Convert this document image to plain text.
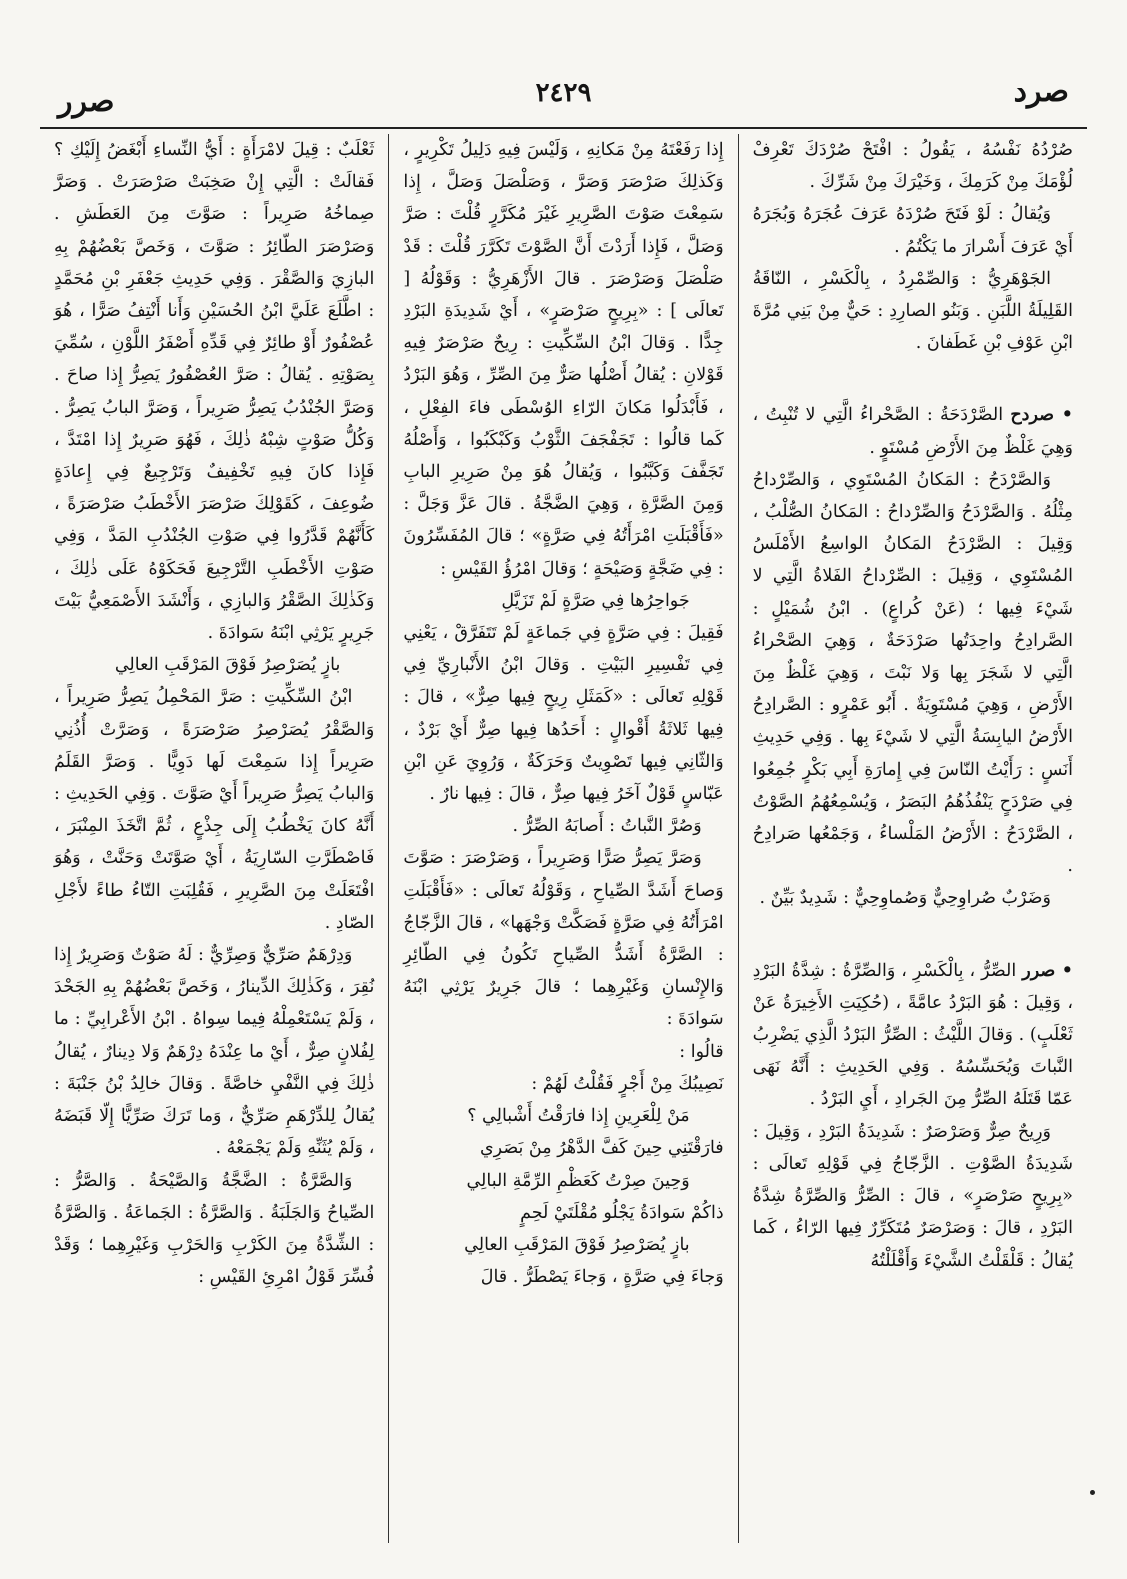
صرد
٢٤٢٩
صرر

صُرْدُهُ نَفْسُهُ ، يَقُولُ : افْتَحْ صُرْدَكَ تَعْرِفْ لُؤْمَكَ مِنْ كَرَمِكَ ، وَخَيْرَكَ مِنْ شَرِّكَ .

وَيُقالُ : لَوْ فَتَحَ صُرْدَهُ عَرَفَ عُجَرَهُ وَبُجَرَهُ أَيْ عَرَفَ أَسْرارَ ما يَكْتُمُ .

الجَوْهَرِيُّ : وَالصِّمْرِدُ ، بِالْكَسْرِ ، النّاقَةُ القَلِيلَةُ اللَّبَنِ . وَبَنُو الصارِدِ : حَيٌّ مِنْ بَنِي مُرَّةَ ابْنِ عَوْفِ بْنِ غَطَفانَ .

• صردح الصَّرْدَحَةُ : الصَّحْراءُ الَّتِي لا تُنْبِتُ ، وَهِيَ غَلْظٌ مِنَ الأَرْضِ مُسْتَوٍ .

وَالصَّرْدَحُ : المَكانُ المُسْتَوِي ، وَالصِّرْداحُ مِثْلُهُ . وَالصَّرْدَحُ وَالصِّرْداحُ : المَكانُ الصُّلْبُ ، وَقِيلَ : الصَّرْدَحُ المَكانُ الواسِعُ الأَمْلَسُ المُسْتَوِي ، وَقِيلَ : الصِّرْداحُ الفَلاةُ الَّتِي لا شَيْءَ فِيها ؛ (عَنْ كُراعٍ) . ابْنُ شُمَيْلٍ : الصَّرادِحُ واحِدَتُها صَرْدَحَةٌ ، وَهِيَ الصَّحْراءُ الَّتِي لا شَجَرَ بِها وَلا نَبْتَ ، وَهِيَ غَلْظٌ مِنَ الأَرْضِ ، وَهِيَ مُسْتَوِيَةٌ . أَبُو عَمْرٍو : الصَّرادِحُ الأَرْضُ اليابِسَةُ الَّتِي لا شَيْءَ بِها . وَفِي حَدِيثِ أَنَسٍ : رَأَيْتُ النّاسَ فِي إِمارَةِ أَبِي بَكْرٍ جُمِعُوا فِي صَرْدَحٍ يَنْفُذُهُمُ البَصَرُ ، وَيُسْمِعُهُمُ الصَّوْتُ ، الصَّرْدَحُ : الأَرْضُ المَلْساءُ ، وَجَمْعُها صَرادِحُ .

وَضَرْبٌ صُراوِحِيٌّ وَصُماوِحِيٌّ : شَدِيدٌ بَيِّنٌ .

• صرر الصِّرُّ ، بِالْكَسْرِ ، وَالصِّرَّةُ : شِدَّةُ البَرْدِ ، وَقِيلَ : هُوَ البَرْدُ عامَّةً ، (حُكِيَتِ الأَخِيرَةُ عَنْ ثَعْلَبٍ) . وَقالَ اللَّيْثُ : الصِّرُّ البَرْدُ الَّذِي يَضْرِبُ النَّباتَ وَيُحَسِّسُهُ . وَفِي الحَدِيثِ : أَنَّهُ نَهَى عَمّا قَتَلَهُ الصِّرُّ مِنَ الجَرادِ ، أَيِ البَرْدُ .

وَرِيحٌ صِرٌّ وَصَرْصَرٌ : شَدِيدَةُ البَرْدِ ، وَقِيلَ : شَدِيدَةُ الصَّوْتِ . الزَّجّاجُ فِي قَوْلِهِ تَعالَى : «بِرِيحٍ صَرْصَرٍ» ، قالَ : الصِّرُّ وَالصِّرَّةُ شِدَّةُ البَرْدِ ، قالَ : وَصَرْصَرٌ مُتَكَرِّرٌ فِيها الرّاءُ ، كَما يُقالُ : قَلْقَلْتُ الشَّيْءَ وَأَقْلَلْتُهُ

إِذا رَفَعْتَهُ مِنْ مَكانِهِ ، وَلَيْسَ فِيهِ دَلِيلُ تَكْرِيرٍ ، وَكَذلِكَ صَرْصَرَ وَصَرَّ ، وَصَلْصَلَ وَصَلَّ ، إِذا سَمِعْتَ صَوْتَ الصَّرِيرِ غَيْرَ مُكَرَّرٍ قُلْتَ : صَرَّ وَصَلَّ ، فَإِذا أَرَدْتَ أَنَّ الصَّوْتَ تَكَرَّرَ قُلْتَ : قَدْ صَلْصَلَ وَصَرْصَرَ . قالَ الأَزْهَرِيُّ : وَقَوْلُهُ [ تَعالَى ] : «بِرِيحٍ صَرْصَرٍ» ، أَيْ شَدِيدَةِ البَرْدِ جِدًّا . وَقالَ ابْنُ السِّكِّيتِ : رِيحٌ صَرْصَرٌ فِيهِ قَوْلانِ : يُقالُ أَصْلُها صَرٌّ مِنَ الصِّرِّ ، وَهُوَ البَرْدُ ، فَأَبْدَلُوا مَكانَ الرّاءِ الوُسْطَى فاءَ الفِعْلِ ، كَما قالُوا : تَجَفْجَفَ الثَّوْبُ وَكَبْكَبُوا ، وَأَصْلُهُ تَجَفَّفَ وَكَبَّبُوا ، وَيُقالُ هُوَ مِنْ صَرِيرِ البابِ وَمِنَ الصَّرَّةِ ، وَهِيَ الضَّجَّةُ . قالَ عَزَّ وَجَلَّ : «فَأَقْبَلَتِ امْرَأَتُهُ فِي صَرَّةٍ» ؛ قالَ المُفَسِّرُونَ : فِي ضَجَّةٍ وَصَيْحَةٍ ؛ وَقالَ امْرُؤُ القَيْسِ :

جَواحِرُها فِي صَرَّةٍ لَمْ تَزَيَّلِ

فَقِيلَ : فِي صَرَّةٍ فِي جَماعَةٍ لَمْ تَتَفَرَّقْ ، يَعْنِي فِي تَفْسِيرِ البَيْتِ . وَقالَ ابْنُ الأَنْبارِيِّ فِي قَوْلِهِ تَعالَى : «كَمَثَلِ رِيحٍ فِيها صِرٌّ» ، قالَ : فِيها ثَلاثَةُ أَقْوالٍ : أَحَدُها فِيها صِرٌّ أَيْ بَرْدٌ ، وَالثّانِي فِيها تَصْوِيتٌ وَحَرَكَةٌ ، وَرُوِيَ عَنِ ابْنِ عَبّاسٍ قَوْلٌ آخَرُ فِيها صِرٌّ ، قالَ : فِيها نارٌ .

وَصُرَّ النَّباتُ : أَصابَهُ الصِّرُّ .

وَصَرَّ يَصِرُّ صَرًّا وَصَرِيراً ، وَصَرْصَرَ : صَوَّتَ وَصاحَ أَشَدَّ الصِّياحِ ، وَقَوْلُهُ تَعالَى : «فَأَقْبَلَتِ امْرَأَتُهُ فِي صَرَّةٍ فَصَكَّتْ وَجْهَها» ، قالَ الزَّجّاجُ : الصَّرَّةُ أَشَدُّ الصِّياحِ تَكُونُ فِي الطّائِرِ وَالإِنْسانِ وَغَيْرِهِما ؛ قالَ جَرِيرٌ يَرْثِي ابْنَهُ سَوادَةَ :

قالُوا :

نَصِيبُكَ مِنْ أَجْرٍ فَقُلْتُ لَهُمْ :

مَنْ لِلْعَرِينِ إِذا فارَقْتُ أَشْبالِي ؟

فارَقْتَنِي حِينَ كَفَّ الدَّهْرُ مِنْ بَصَرِي

وَحِينَ صِرْتُ كَعَظْمِ الرِّمَّةِ البالِي

ذاكُمْ سَوادَةُ يَجْلُو مُقْلَتَيْ لَحِمٍ

بازٍ يُصَرْصِرُ فَوْقَ المَرْقَبِ العالِي

وَجاءَ فِي صَرَّةٍ ، وَجاءَ يَصْطَرُّ . قالَ

ثَعْلَبٌ : قِيلَ لامْرَأَةٍ : أَيُّ النِّساءِ أَبْغَضُ إِلَيْكِ ؟ فَقالَتْ : الَّتِي إِنْ صَخِبَتْ صَرْصَرَتْ . وَصَرَّ صِماخُهُ صَرِيراً : صَوَّتَ مِنَ العَطَشِ . وَصَرْصَرَ الطّائِرُ : صَوَّتَ ، وَخَصَّ بَعْضُهُمْ بِهِ البازِيَ وَالصَّقْرَ . وَفِي حَدِيثِ جَعْفَرِ بْنِ مُحَمَّدٍ : اطَّلَعَ عَلَيَّ ابْنُ الحُسَيْنِ وَأَنا أَنْتِفُ صَرًّا ، هُوَ عُصْفُورٌ أَوْ طائِرٌ فِي قَدِّهِ أَصْفَرُ اللَّوْنِ ، سُمِّيَ بِصَوْتِهِ . يُقالُ : صَرَّ العُصْفُورُ يَصِرُّ إِذا صاحَ . وَصَرَّ الجُنْدُبُ يَصِرُّ صَرِيراً ، وَصَرَّ البابُ يَصِرُّ . وَكُلُّ صَوْتٍ شِبْهُ ذٰلِكَ ، فَهُوَ صَرِيرٌ إِذا امْتَدَّ ، فَإِذا كانَ فِيهِ تَخْفِيفٌ وَتَرْجِيعٌ فِي إِعادَةٍ ضُوعِفَ ، كَقَوْلِكَ صَرْصَرَ الأَخْطَبُ صَرْصَرَةً ، كَأَنَّهُمْ قَدَّرُوا فِي صَوْتِ الجُنْدُبِ المَدَّ ، وَفِي صَوْتِ الأَخْطَبِ التَّرْجِيعَ فَحَكَوْهُ عَلَى ذٰلِكَ ، وَكَذٰلِكَ الصَّقْرُ وَالبازِي ، وَأَنْشَدَ الأَصْمَعِيُّ بَيْتَ جَرِيرٍ يَرْثِي ابْنَهُ سَوادَةَ .

بازٍ يُصَرْصِرُ فَوْقَ المَرْقَبِ العالِي

ابْنُ السِّكِّيتِ : صَرَّ المَحْمِلُ يَصِرُّ صَرِيراً ، وَالصَّقْرُ يُصَرْصِرُ صَرْصَرَةً ، وَصَرَّتْ أُذُنِي صَرِيراً إِذا سَمِعْتَ لَها دَوِيًّا . وَصَرَّ القَلَمُ وَالبابُ يَصِرُّ صَرِيراً أَيْ صَوَّتَ . وَفِي الحَدِيثِ : أَنَّهُ كانَ يَخْطُبُ إِلَى جِذْعٍ ، ثُمَّ اتَّخَذَ المِنْبَرَ ، فَاصْطَرَّتِ السّارِيَةُ ، أَيْ صَوَّتَتْ وَحَنَّتْ ، وَهُوَ افْتَعَلَتْ مِنَ الصَّرِيرِ ، فَقُلِبَتِ التّاءُ طاءً لأَجْلِ الصّادِ .

وَدِرْهَمٌ صَرِّيٌّ وَصِرِّيٌّ : لَهُ صَوْتٌ وَصَرِيرٌ إِذا نُقِرَ ، وَكَذٰلِكَ الدِّينارُ ، وَخَصَّ بَعْضُهُمْ بِهِ الجَحْدَ ، وَلَمْ يَسْتَعْمِلْهُ فِيما سِواهُ . ابْنُ الأَعْرابِيِّ : ما لِفُلانٍ صِرٌّ ، أَيْ ما عِنْدَهُ دِرْهَمٌ وَلا دِينارٌ ، يُقالُ ذٰلِكَ فِي النَّفْيِ خاصَّةً . وَقالَ خالِدُ بْنُ جَنْبَةَ : يُقالُ لِلدِّرْهَمِ صَرِّيٌّ ، وَما تَرَكَ صَرِّيًّا إِلّا قَبَضَهُ ، وَلَمْ يُثَنِّهِ وَلَمْ يَجْمَعْهُ .

وَالصَّرَّةُ : الضَّجَّةُ وَالصَّيْحَةُ . وَالصَّرُّ : الصِّياحُ وَالجَلَبَةُ . وَالصَّرَّةُ : الجَماعَةُ . وَالصَّرَّةُ : الشِّدَّةُ مِنَ الكَرْبِ وَالحَرْبِ وَغَيْرِهِما ؛ وَقَدْ فُسِّرَ قَوْلُ امْرِئِ القَيْسِ :
